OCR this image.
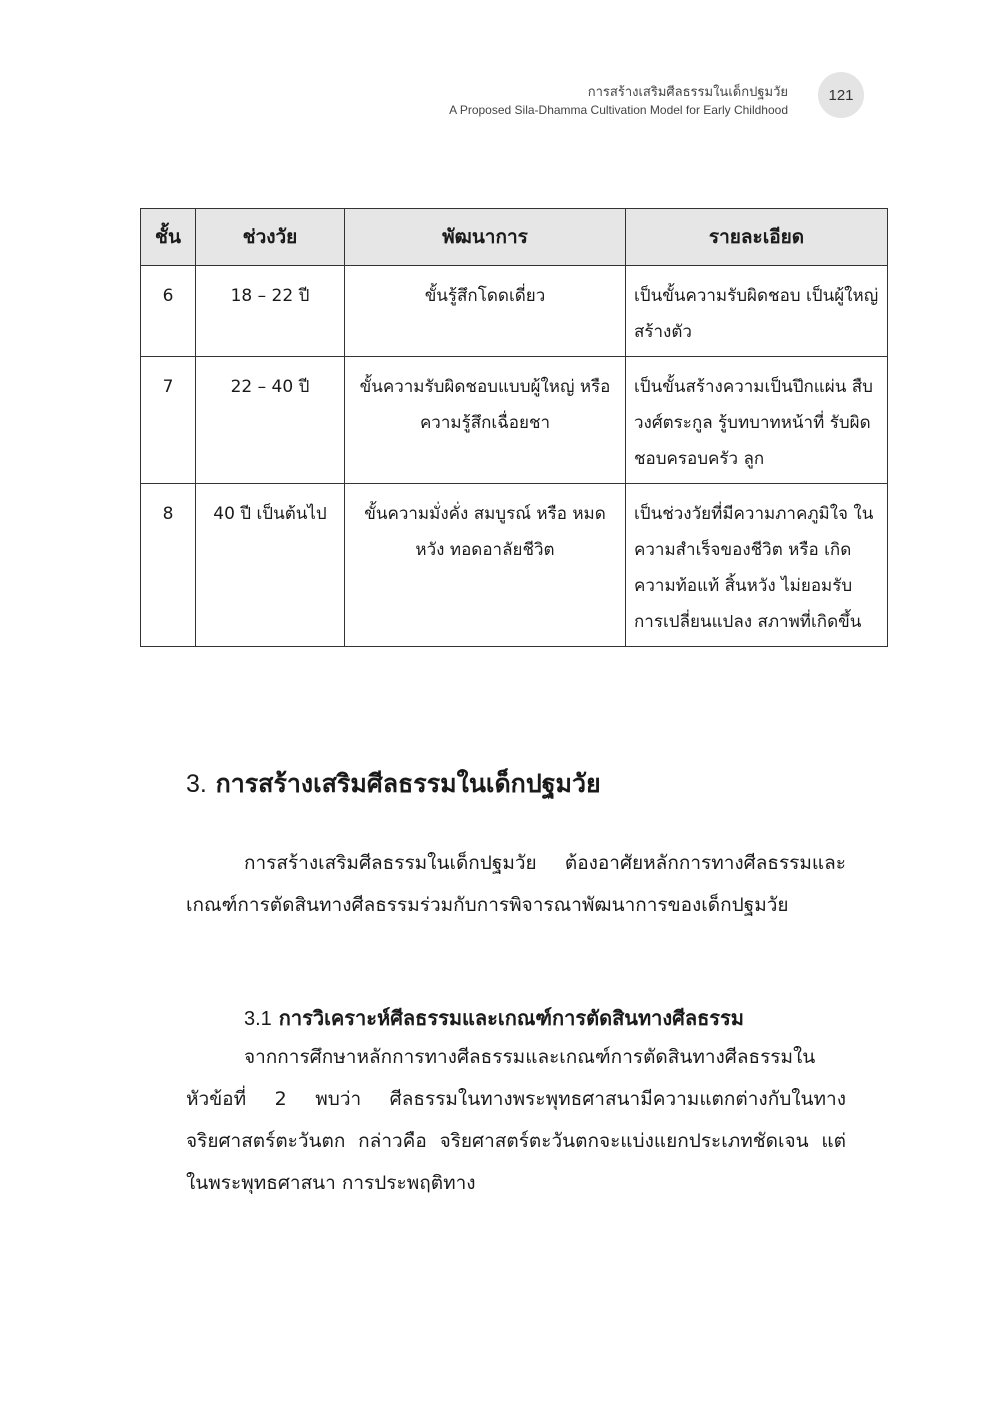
การสร้างเสริมศีลธรรมในเด็กปฐมวัย
A Proposed Sila-Dhamma Cultivation Model for Early Childhood
121
ชั้น	ช่วงวัย	พัฒนาการ	รายละเอียด
6	18 – 22 ปี	ขั้นรู้สึกโดดเดี่ยว	เป็นขั้นความรับผิดชอบ เป็นผู้ใหญ่สร้างตัว
7	22 – 40 ปี	ขั้นความรับผิดชอบแบบผู้ใหญ่ หรือความรู้สึกเฉื่อยชา	เป็นขั้นสร้างความเป็นปึกแผ่น สืบวงศ์ตระกูล รู้บทบาทหน้าที่ รับผิดชอบครอบครัว ลูก
8	40 ปี เป็นต้นไป	ขั้นความมั่งคั่ง สมบูรณ์ หรือ หมดหวัง ทอดอาลัยชีวิต	เป็นช่วงวัยที่มีความภาคภูมิใจ ในความสำเร็จของชีวิต หรือ เกิดความท้อแท้ สิ้นหวัง ไม่ยอมรับการเปลี่ยนแปลง สภาพที่เกิดขึ้น
3. การสร้างเสริมศีลธรรมในเด็กปฐมวัย

การสร้างเสริมศีลธรรมในเด็กปฐมวัย ต้องอาศัยหลักการทางศีลธรรมและเกณฑ์การตัดสินทางศีลธรรมร่วมกับการพิจารณาพัฒนาการของเด็กปฐมวัย

3.1 การวิเคราะห์ศีลธรรมและเกณฑ์การตัดสินทางศีลธรรม

จากการศึกษาหลักการทางศีลธรรมและเกณฑ์การตัดสินทางศีลธรรมในหัวข้อที่ 2 พบว่า ศีลธรรมในทางพระพุทธศาสนามีความแตกต่างกับในทางจริยศาสตร์ตะวันตก กล่าวคือ จริยศาสตร์ตะวันตกจะแบ่งแยกประเภทชัดเจน แต่ในพระพุทธศาสนา การประพฤติทาง
